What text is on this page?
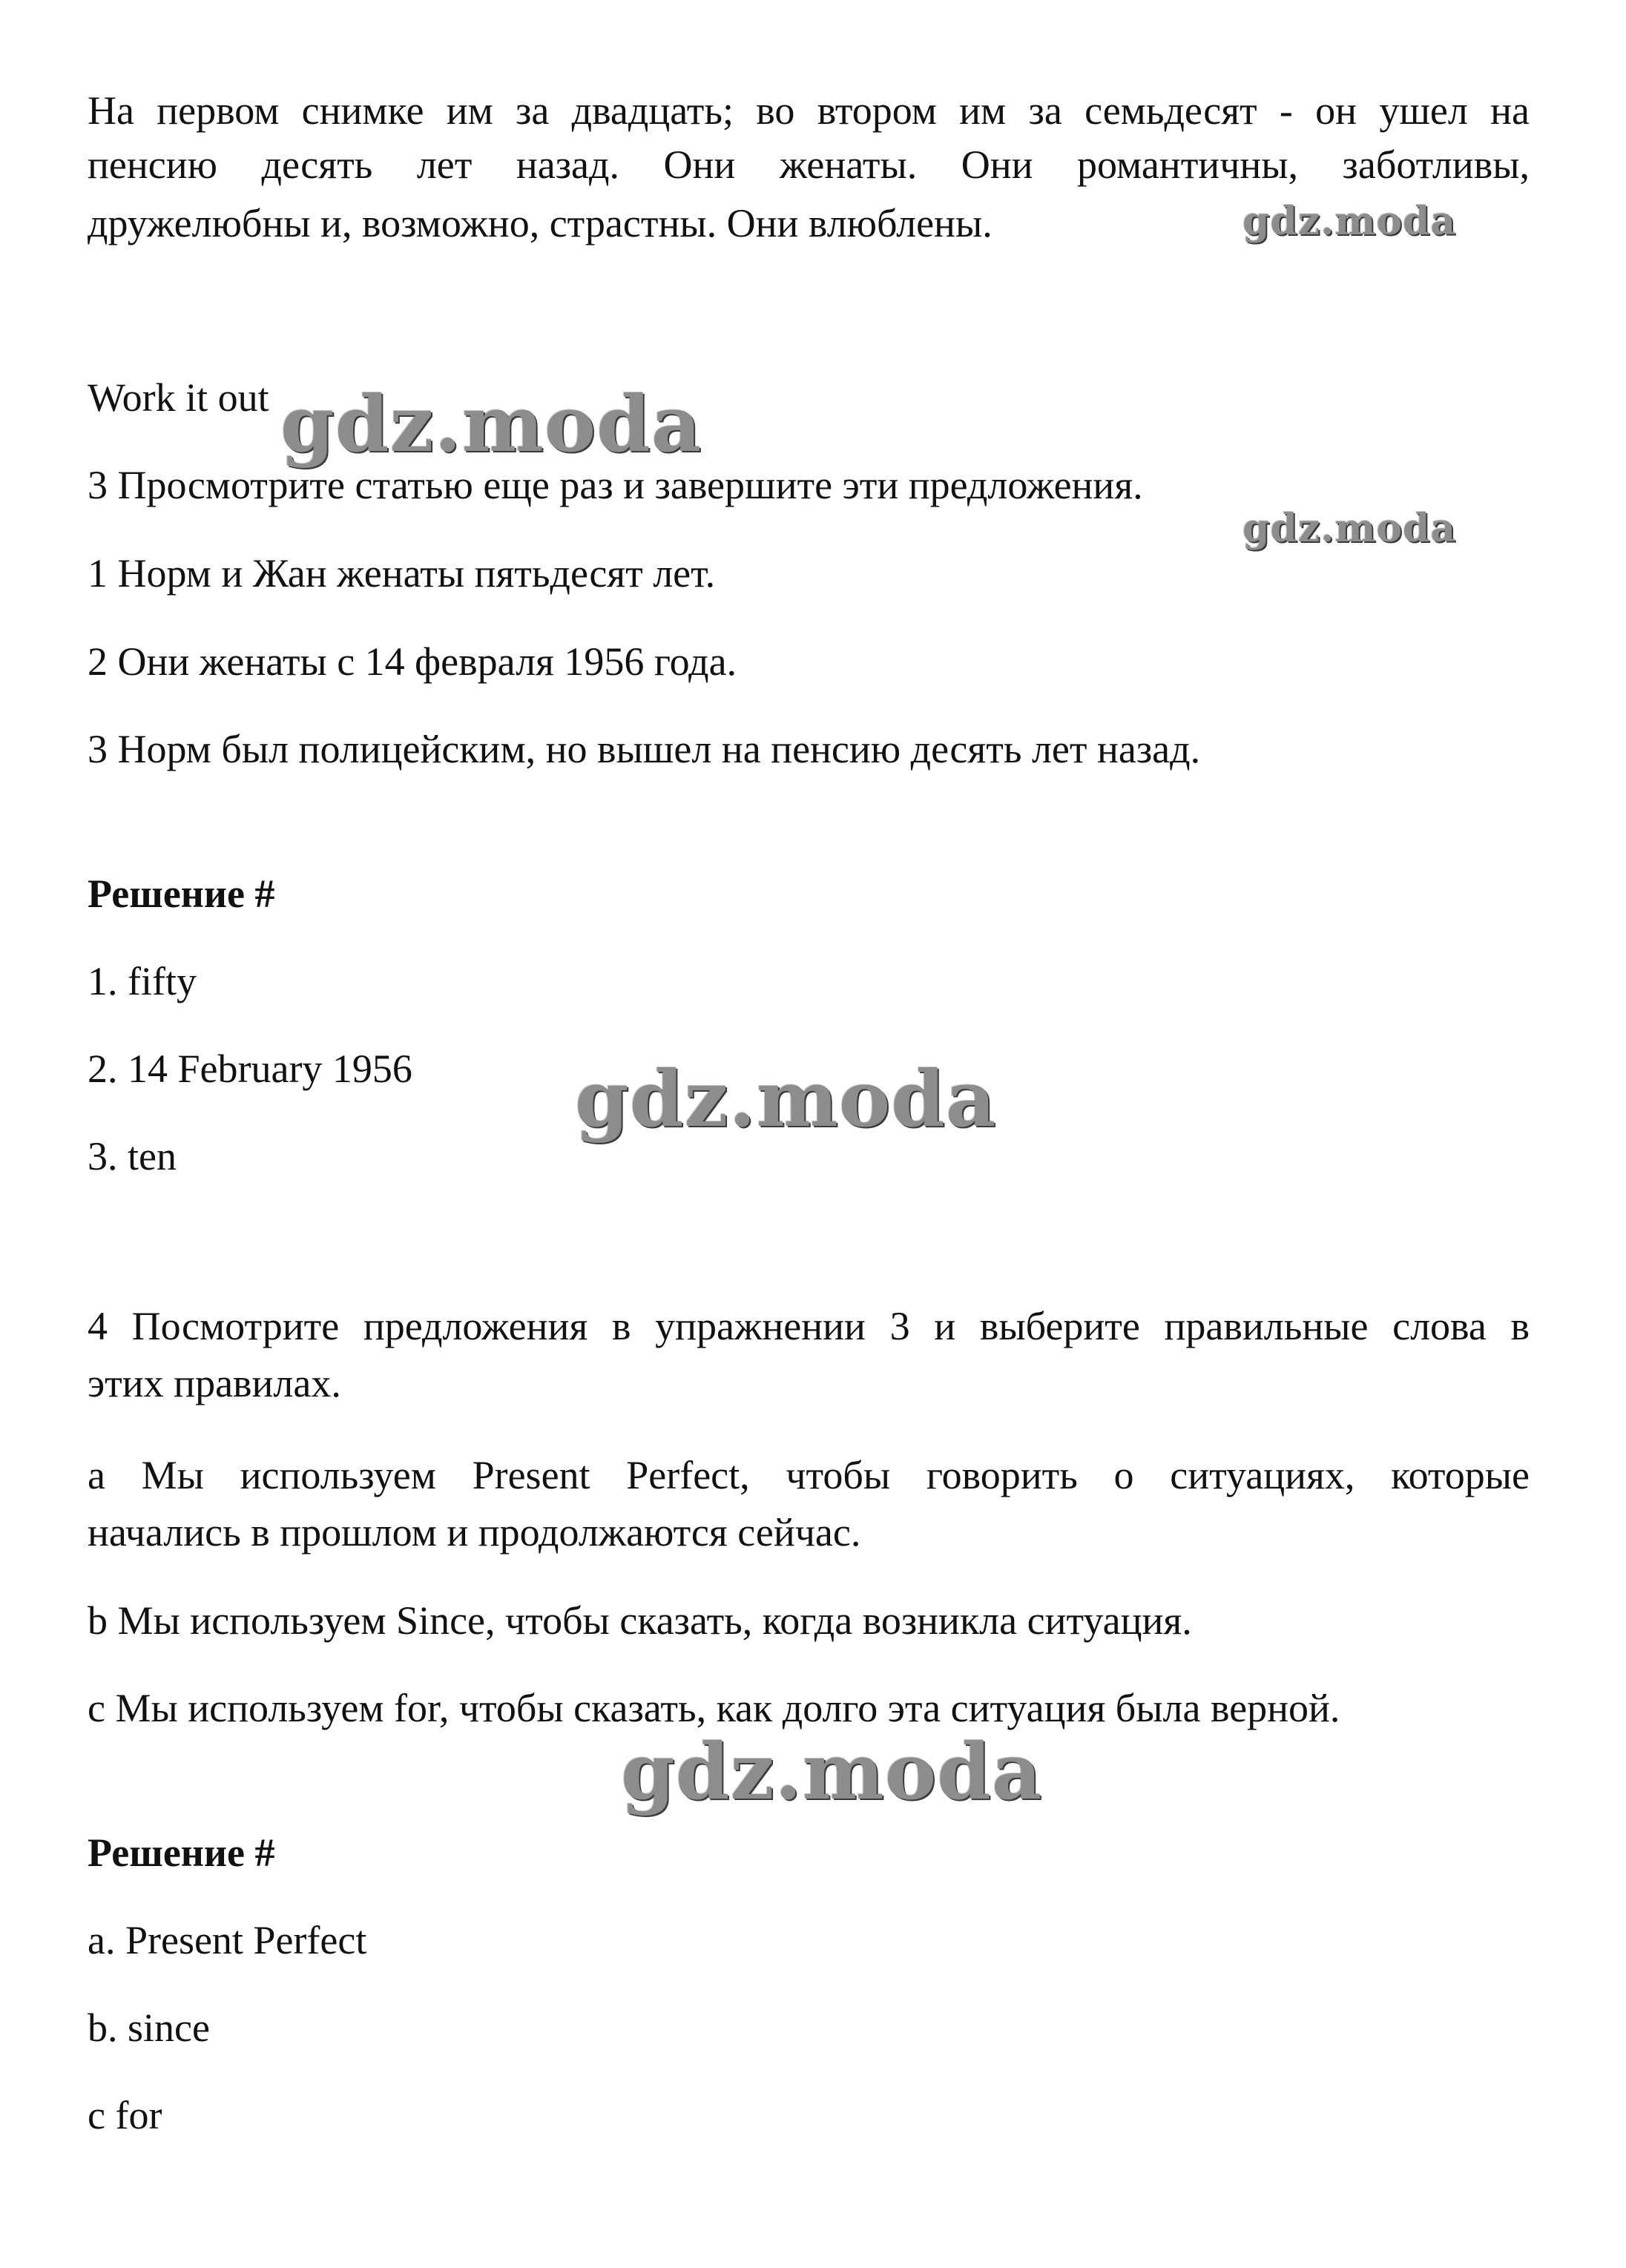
На первом снимке им за двадцать; во втором им за семьдесят - он ушел на

пенсию десять лет назад. Они женаты. Они романтичны, заботливы,

дружелюбны и, возможно, страстны. Они влюблены.

Work it out

3 Просмотрите статью еще раз и завершите эти предложения.

1 Норм и Жан женаты пятьдесят лет.

2 Они женаты с 14 февраля 1956 года.

3 Норм был полицейским, но вышел на пенсию десять лет назад.

Решение #

1. fifty

2. 14 February 1956

3. ten

4 Посмотрите предложения в упражнении 3 и выберите правильные слова в

этих правилах.

a Мы используем Present Perfect, чтобы говорить о ситуациях, которые

начались в прошлом и продолжаются сейчас.

b Мы используем Since, чтобы сказать, когда возникла ситуация.

c Мы используем for, чтобы сказать, как долго эта ситуация была верной.

Решение #

a. Present Perfect

b. since

c for

gdz.moda
gdz.moda
gdz.moda
gdz.moda
gdz.moda
